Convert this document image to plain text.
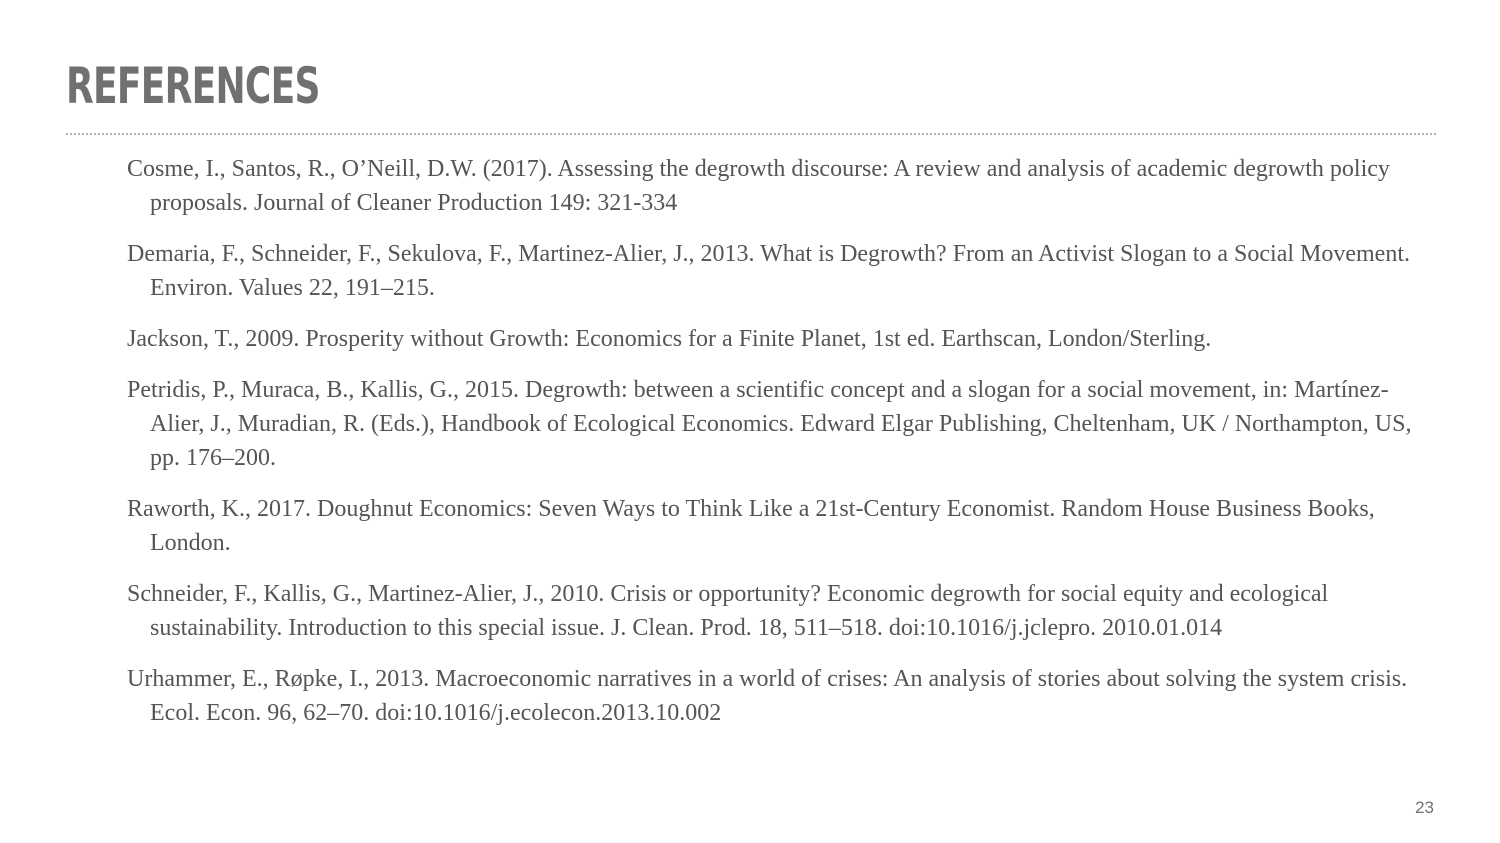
REFERENCES
Cosme, I., Santos, R., O’Neill, D.W. (2017). Assessing the degrowth discourse: A review and analysis of academic degrowth policy proposals. Journal of Cleaner Production 149: 321-334
Demaria, F., Schneider, F., Sekulova, F., Martinez-Alier, J., 2013. What is Degrowth? From an Activist Slogan to a Social Movement. Environ. Values 22, 191–215.
Jackson, T., 2009. Prosperity without Growth: Economics for a Finite Planet, 1st ed. Earthscan, London/Sterling.
Petridis, P., Muraca, B., Kallis, G., 2015. Degrowth: between a scientific concept and a slogan for a social movement, in: Martínez-Alier, J., Muradian, R. (Eds.), Handbook of Ecological Economics. Edward Elgar Publishing, Cheltenham, UK / Northampton, US, pp. 176–200.
Raworth, K., 2017. Doughnut Economics: Seven Ways to Think Like a 21st-Century Economist. Random House Business Books, London.
Schneider, F., Kallis, G., Martinez-Alier, J., 2010. Crisis or opportunity? Economic degrowth for social equity and ecological sustainability. Introduction to this special issue. J. Clean. Prod. 18, 511–518. doi:10.1016/j.jclepro. 2010.01.014
Urhammer, E., Røpke, I., 2013. Macroeconomic narratives in a world of crises: An analysis of stories about solving the system crisis. Ecol. Econ. 96, 62–70. doi:10.1016/j.ecolecon.2013.10.002
23
